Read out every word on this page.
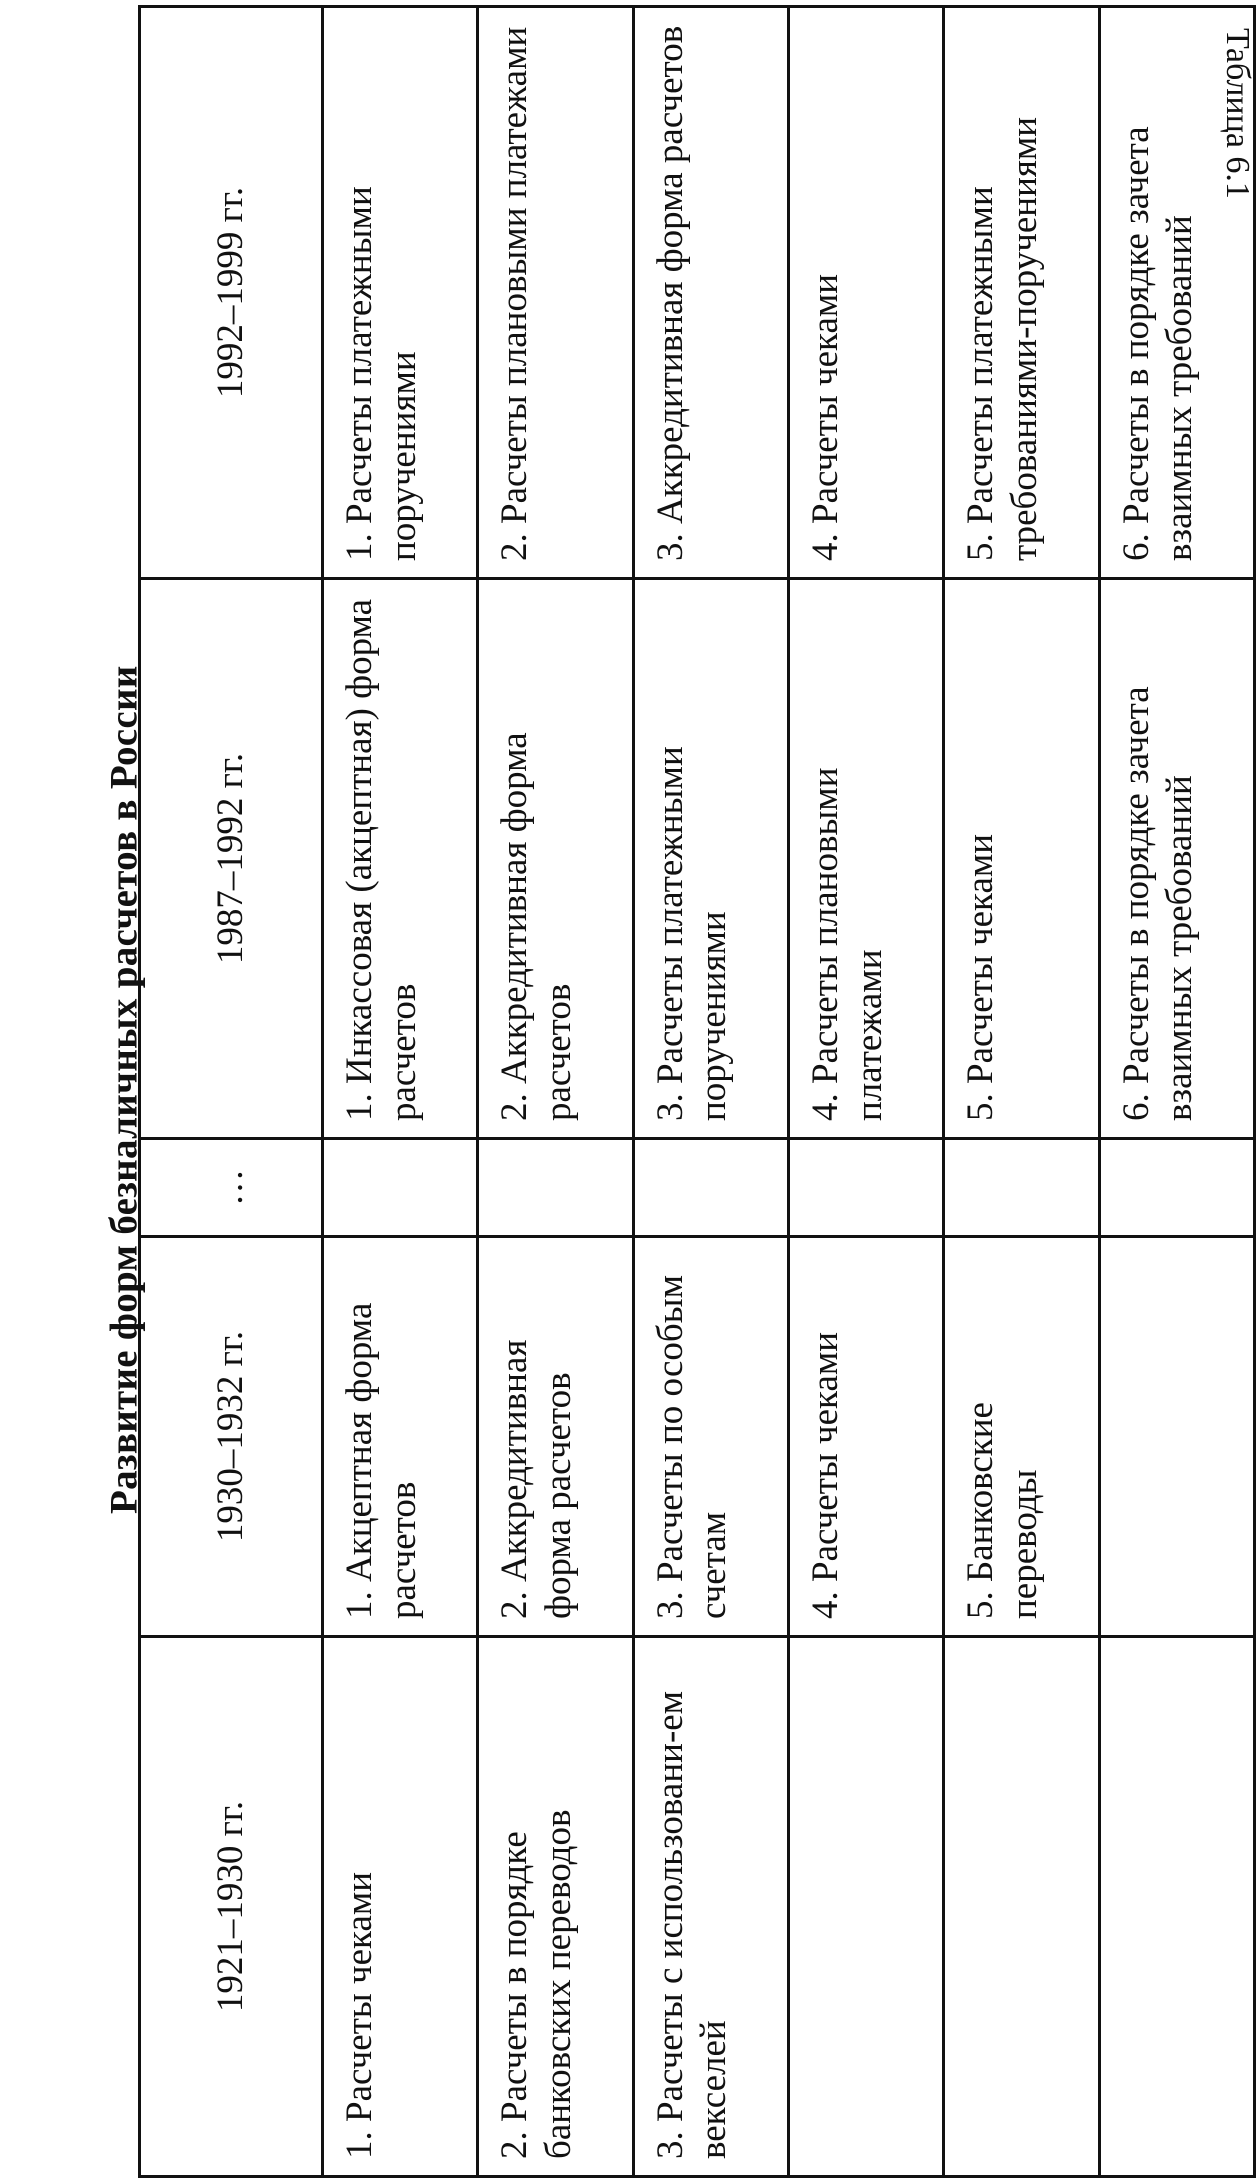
Таблица 6.1
Развитие форм безналичных расчетов в России
1921–1930 гг.	1930–1932 гг.	…	1987–1992 гг.	1992–1999 гг.
1. Расчеты чеками	1. Акцептная форма расчетов		1. Инкассовая (акцептная) форма расчетов	1. Расчеты платежными поручениями
2. Расчеты в порядке банковских переводов	2. Аккредитивная форма расчетов		2. Аккредитивная форма расчетов	2. Расчеты плановыми платежами
3. Расчеты с использовани-ем векселей	3. Расчеты по особым счетам		3. Расчеты платежными поручениями	3. Аккредитивная форма расчетов
	4. Расчеты чеками		4. Расчеты плановыми платежами	4. Расчеты чеками
	5. Банковские переводы		5. Расчеты чеками	5. Расчеты платежными требованиями-поручениями
			6. Расчеты в порядке зачета взаимных требований	6. Расчеты в порядке зачета взаимных требований
